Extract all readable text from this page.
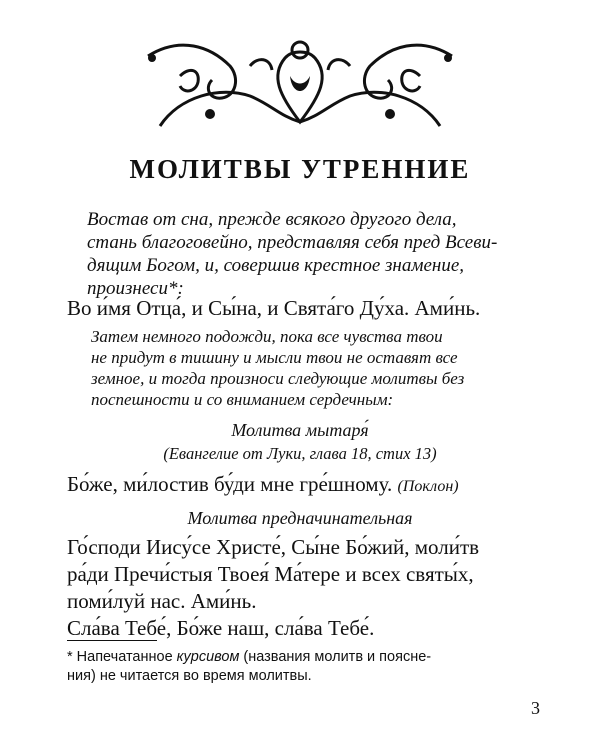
МОЛИТВЫ УТРЕННИЕ
Востав от сна, прежде всякого другого дела,
стань благоговейно, представляя себя пред Всеви-
дящим Богом, и, совершив крестное знамение,
произнеси*:
Во и́мя Отца́, и Сы́на, и Свята́го Ду́ха. Ами́нь.
Затем немного подожди, пока все чувства твои
не придут в тишину и мысли твои не оставят все
земное, и тогда произноси следующие молитвы без
поспешности и со вниманием сердечным:
Молитва мытаря́
(Евангелие от Луки, глава 18, стих 13)
Бо́же, ми́лостив бу́ди мне гре́шному. (Поклон)
Молитва предначинательная
Го́споди Иису́се Христе́, Сы́не Бо́жий, моли́тв
ра́ди Пречи́стыя Твоея́ Ма́тере и всех святы́х,
поми́луй нас. Ами́нь.
Сла́ва Тебе́, Бо́же наш, сла́ва Тебе́.
* Напечатанное курсивом (названия молитв и поясне-
ния) не читается во время молитвы.
3
